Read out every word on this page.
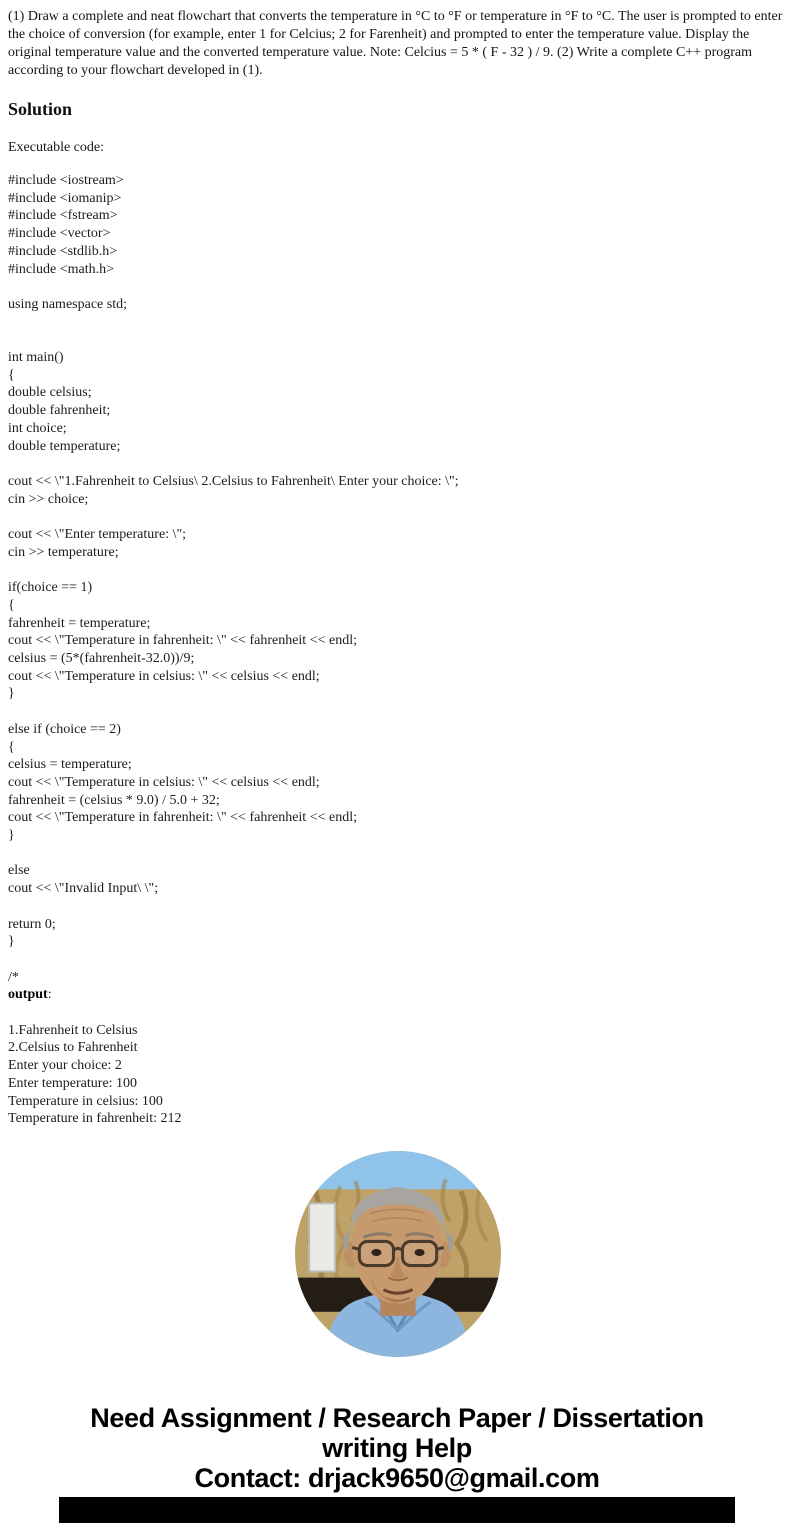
(1) Draw a complete and neat flowchart that converts the temperature in °C to °F or temperature in °F to °C. The user is prompted to enter the choice of conversion (for example, enter 1 for Celcius; 2 for Farenheit) and prompted to enter the temperature value. Display the original temperature value and the converted temperature value. Note: Celcius = 5 * ( F - 32 ) / 9. (2) Write a complete C++ program according to your flowchart developed in (1).

Solution
Executable code:
#include <iostream>
#include <iomanip>
#include <fstream>
#include <vector>
#include <stdlib.h>
#include <math.h>

using namespace std;

int main()
{
double celsius;
double fahrenheit;
int choice;
double temperature;

cout << \"1.Fahrenheit to Celsius\ 2.Celsius to Fahrenheit\ Enter your choice: \";
cin >> choice;

cout << \"Enter temperature: \";
cin >> temperature;

if(choice == 1)
{
fahrenheit = temperature;
cout << \"Temperature in fahrenheit: \" << fahrenheit << endl;
celsius = (5*(fahrenheit-32.0))/9;
cout << \"Temperature in celsius: \" << celsius << endl;
}

else if (choice == 2)
{
celsius = temperature;
cout << \"Temperature in celsius: \" << celsius << endl;
fahrenheit = (celsius * 9.0) / 5.0 + 32;
cout << \"Temperature in fahrenheit: \" << fahrenheit << endl;
}

else
cout << \"Invalid Input\ \";

return 0;
}

/*
output:

1.Fahrenheit to Celsius
2.Celsius to Fahrenheit
Enter your choice: 2
Enter temperature: 100
Temperature in celsius: 100
Temperature in fahrenheit: 212
Need Assignment / Research Paper / Dissertation
writing Help
Contact: drjack9650@gmail.com
